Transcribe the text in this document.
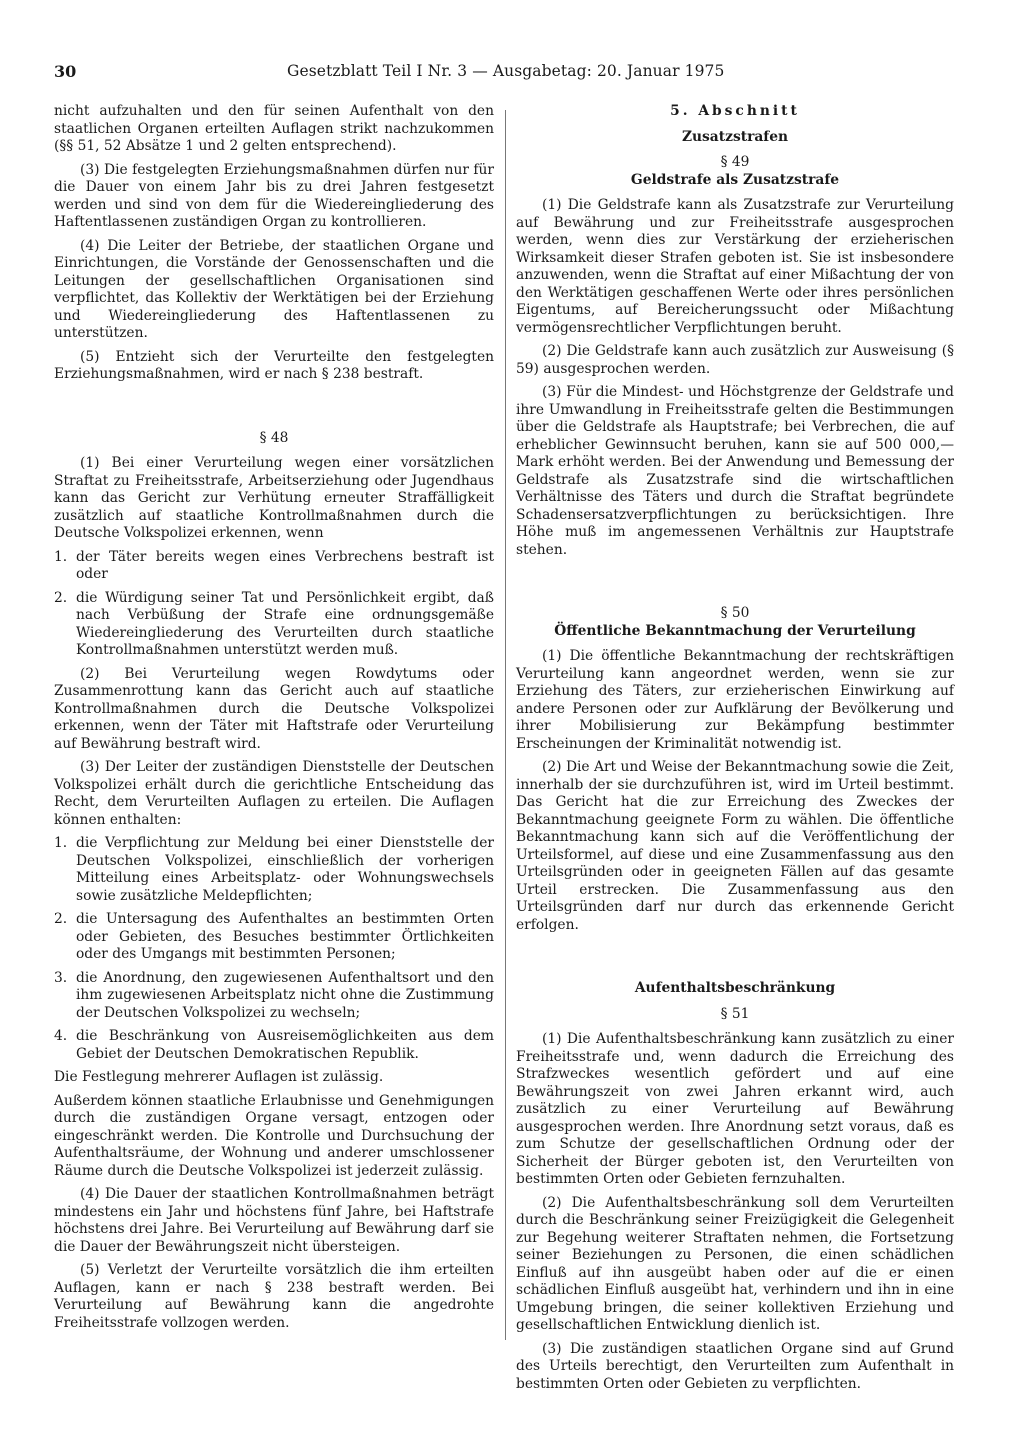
30	Gesetzblatt Teil I Nr. 3 — Ausgabetag: 20. Januar 1975

nicht aufzuhalten und den für seinen Aufenthalt von den staatlichen Organen erteilten Auflagen strikt nachzukommen (§§ 51, 52 Absätze 1 und 2 gelten entsprechend).

(3) Die festgelegten Erziehungsmaßnahmen dürfen nur für die Dauer von einem Jahr bis zu drei Jahren festgesetzt werden und sind von dem für die Wiedereingliederung des Haftentlassenen zuständigen Organ zu kontrollieren.

(4) Die Leiter der Betriebe, der staatlichen Organe und Einrichtungen, die Vorstände der Genossenschaften und die Leitungen der gesellschaftlichen Organisationen sind verpflichtet, das Kollektiv der Werktätigen bei der Erziehung und Wiedereingliederung des Haftentlassenen zu unterstützen.

(5) Entzieht sich der Verurteilte den festgelegten Erziehungsmaßnahmen, wird er nach § 238 bestraft.

§ 48

(1) Bei einer Verurteilung wegen einer vorsätzlichen Straftat zu Freiheitsstrafe, Arbeitserziehung oder Jugendhaus kann das Gericht zur Verhütung erneuter Straffälligkeit zusätzlich auf staatliche Kontrollmaßnahmen durch die Deutsche Volkspolizei erkennen, wenn

1. der Täter bereits wegen eines Verbrechens bestraft ist oder
2. die Würdigung seiner Tat und Persönlichkeit ergibt, daß nach Verbüßung der Strafe eine ordnungsgemäße Wiedereingliederung des Verurteilten durch staatliche Kontrollmaßnahmen unterstützt werden muß.

(2) Bei Verurteilung wegen Rowdytums oder Zusammenrottung kann das Gericht auch auf staatliche Kontrollmaßnahmen durch die Deutsche Volkspolizei erkennen, wenn der Täter mit Haftstrafe oder Verurteilung auf Bewährung bestraft wird.

(3) Der Leiter der zuständigen Dienststelle der Deutschen Volkspolizei erhält durch die gerichtliche Entscheidung das Recht, dem Verurteilten Auflagen zu erteilen. Die Auflagen können enthalten:

1. die Verpflichtung zur Meldung bei einer Dienststelle der Deutschen Volkspolizei, einschließlich der vorherigen Mitteilung eines Arbeitsplatz- oder Wohnungswechsels sowie zusätzliche Meldepflichten;
2. die Untersagung des Aufenthaltes an bestimmten Orten oder Gebieten, des Besuches bestimmter Örtlichkeiten oder des Umgangs mit bestimmten Personen;
3. die Anordnung, den zugewiesenen Aufenthaltsort und den ihm zugewiesenen Arbeitsplatz nicht ohne die Zustimmung der Deutschen Volkspolizei zu wechseln;
4. die Beschränkung von Ausreisemöglichkeiten aus dem Gebiet der Deutschen Demokratischen Republik.

Die Festlegung mehrerer Auflagen ist zulässig.

Außerdem können staatliche Erlaubnisse und Genehmigungen durch die zuständigen Organe versagt, entzogen oder eingeschränkt werden. Die Kontrolle und Durchsuchung der Aufenthaltsräume, der Wohnung und anderer umschlossener Räume durch die Deutsche Volkspolizei ist jederzeit zulässig.

(4) Die Dauer der staatlichen Kontrollmaßnahmen beträgt mindestens ein Jahr und höchstens fünf Jahre, bei Haftstrafe höchstens drei Jahre. Bei Verurteilung auf Bewährung darf sie die Dauer der Bewährungszeit nicht übersteigen.

(5) Verletzt der Verurteilte vorsätzlich die ihm erteilten Auflagen, kann er nach § 238 bestraft werden. Bei Verurteilung auf Bewährung kann die angedrohte Freiheitsstrafe vollzogen werden.

5. Abschnitt

Zusatzstrafen

§ 49

Geldstrafe als Zusatzstrafe

(1) Die Geldstrafe kann als Zusatzstrafe zur Verurteilung auf Bewährung und zur Freiheitsstrafe ausgesprochen werden, wenn dies zur Verstärkung der erzieherischen Wirksamkeit dieser Strafen geboten ist. Sie ist insbesondere anzuwenden, wenn die Straftat auf einer Mißachtung der von den Werktätigen geschaffenen Werte oder ihres persönlichen Eigentums, auf Bereicherungssucht oder Mißachtung vermögensrechtlicher Verpflichtungen beruht.

(2) Die Geldstrafe kann auch zusätzlich zur Ausweisung (§ 59) ausgesprochen werden.

(3) Für die Mindest- und Höchstgrenze der Geldstrafe und ihre Umwandlung in Freiheitsstrafe gelten die Bestimmungen über die Geldstrafe als Hauptstrafe; bei Verbrechen, die auf erheblicher Gewinnsucht beruhen, kann sie auf 500 000,— Mark erhöht werden. Bei der Anwendung und Bemessung der Geldstrafe als Zusatzstrafe sind die wirtschaftlichen Verhältnisse des Täters und durch die Straftat begründete Schadensersatzverpflichtungen zu berücksichtigen. Ihre Höhe muß im angemessenen Verhältnis zur Hauptstrafe stehen.

§ 50

Öffentliche Bekanntmachung der Verurteilung

(1) Die öffentliche Bekanntmachung der rechtskräftigen Verurteilung kann angeordnet werden, wenn sie zur Erziehung des Täters, zur erzieherischen Einwirkung auf andere Personen oder zur Aufklärung der Bevölkerung und ihrer Mobilisierung zur Bekämpfung bestimmter Erscheinungen der Kriminalität notwendig ist.

(2) Die Art und Weise der Bekanntmachung sowie die Zeit, innerhalb der sie durchzuführen ist, wird im Urteil bestimmt. Das Gericht hat die zur Erreichung des Zweckes der Bekanntmachung geeignete Form zu wählen. Die öffentliche Bekanntmachung kann sich auf die Veröffentlichung der Urteilsformel, auf diese und eine Zusammenfassung aus den Urteilsgründen oder in geeigneten Fällen auf das gesamte Urteil erstrecken. Die Zusammenfassung aus den Urteilsgründen darf nur durch das erkennende Gericht erfolgen.

Aufenthaltsbeschränkung

§ 51

(1) Die Aufenthaltsbeschränkung kann zusätzlich zu einer Freiheitsstrafe und, wenn dadurch die Erreichung des Strafzweckes wesentlich gefördert und auf eine Bewährungszeit von zwei Jahren erkannt wird, auch zusätzlich zu einer Verurteilung auf Bewährung ausgesprochen werden. Ihre Anordnung setzt voraus, daß es zum Schutze der gesellschaftlichen Ordnung oder der Sicherheit der Bürger geboten ist, den Verurteilten von bestimmten Orten oder Gebieten fernzuhalten.

(2) Die Aufenthaltsbeschränkung soll dem Verurteilten durch die Beschränkung seiner Freizügigkeit die Gelegenheit zur Begehung weiterer Straftaten nehmen, die Fortsetzung seiner Beziehungen zu Personen, die einen schädlichen Einfluß auf ihn ausgeübt haben oder auf die er einen schädlichen Einfluß ausgeübt hat, verhindern und ihn in eine Umgebung bringen, die seiner kollektiven Erziehung und gesellschaftlichen Entwicklung dienlich ist.

(3) Die zuständigen staatlichen Organe sind auf Grund des Urteils berechtigt, den Verurteilten zum Aufenthalt in bestimmten Orten oder Gebieten zu verpflichten.
